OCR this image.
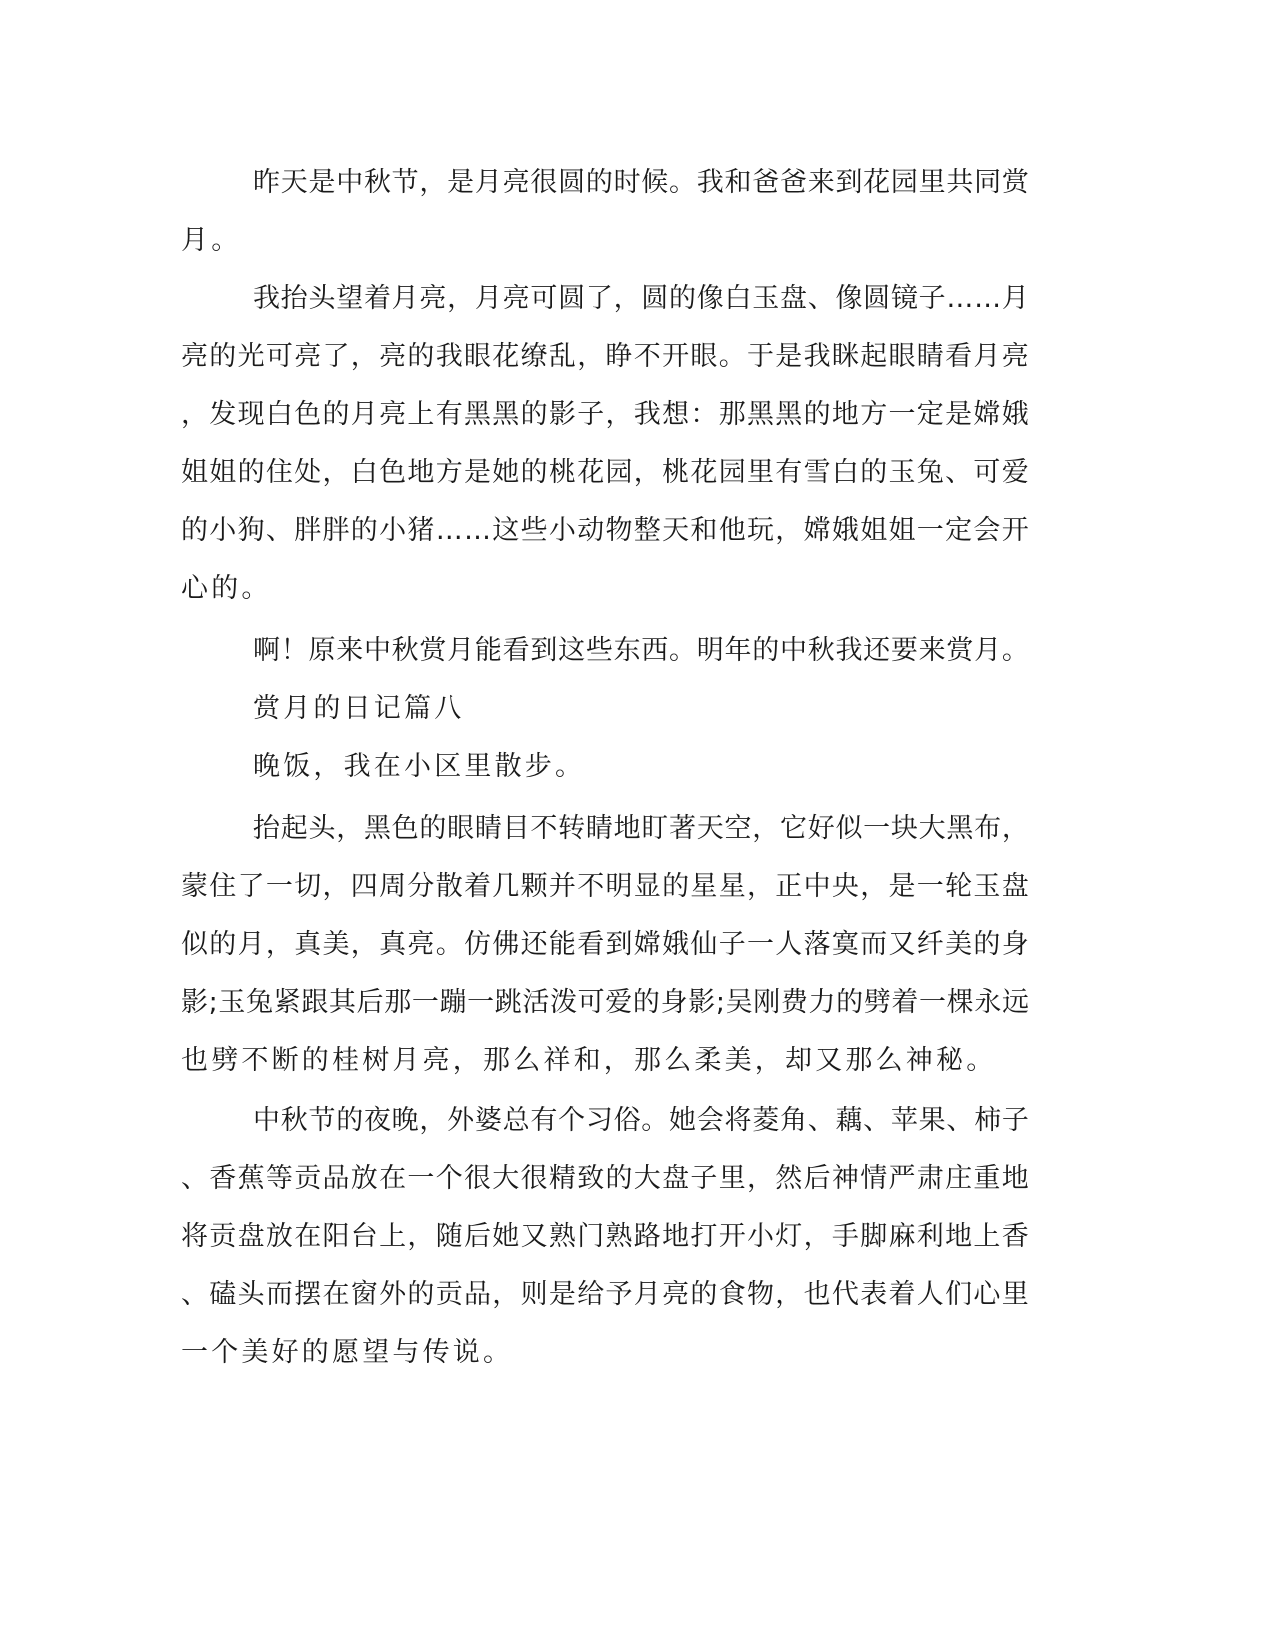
昨天是中秋节，是月亮很圆的时候。我和爸爸来到花园里共同赏
月。
我抬头望着月亮，月亮可圆了，圆的像白玉盘、像圆镜子……月
亮的光可亮了，亮的我眼花缭乱，睁不开眼。于是我眯起眼睛看月亮
，发现白色的月亮上有黑黑的影子，我想：那黑黑的地方一定是嫦娥
姐姐的住处，白色地方是她的桃花园，桃花园里有雪白的玉兔、可爱
的小狗、胖胖的小猪……这些小动物整天和他玩，嫦娥姐姐一定会开
心的。
啊！原来中秋赏月能看到这些东西。明年的中秋我还要来赏月。
赏月的日记篇八
晚饭，我在小区里散步。
抬起头，黑色的眼睛目不转睛地盯著天空，它好似一块大黑布，
蒙住了一切，四周分散着几颗并不明显的星星，正中央，是一轮玉盘
似的月，真美，真亮。仿佛还能看到嫦娥仙子一人落寞而又纤美的身
影;玉兔紧跟其后那一蹦一跳活泼可爱的身影;吴刚费力的劈着一棵永远
也劈不断的桂树月亮，那么祥和，那么柔美，却又那么神秘。
中秋节的夜晚，外婆总有个习俗。她会将菱角、藕、苹果、柿子
、香蕉等贡品放在一个很大很精致的大盘子里，然后神情严肃庄重地
将贡盘放在阳台上，随后她又熟门熟路地打开小灯，手脚麻利地上香
、磕头而摆在窗外的贡品，则是给予月亮的食物，也代表着人们心里
一个美好的愿望与传说。
